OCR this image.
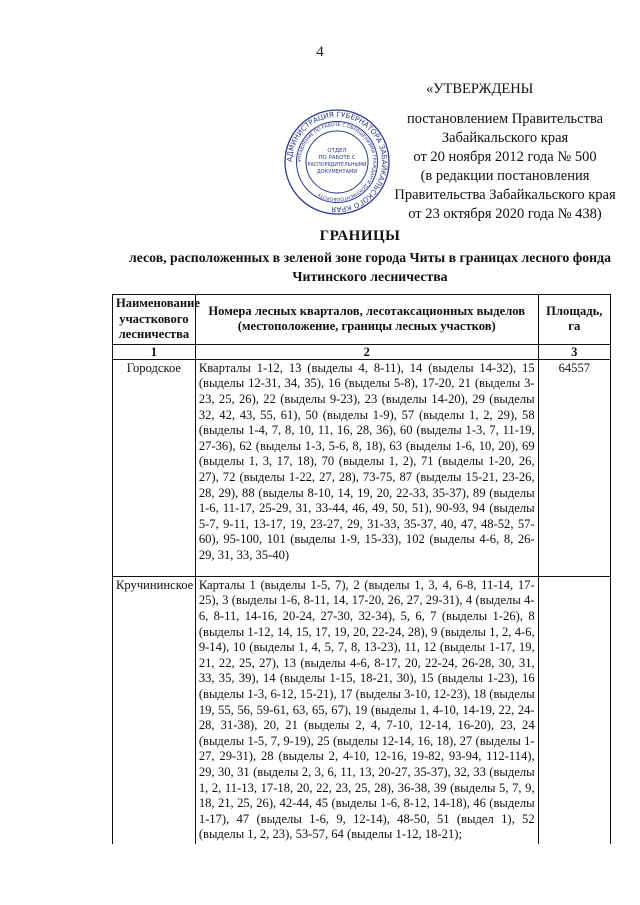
4
«УТВЕРЖДЕНЫ
постановлением Правительства
Забайкальского края
от 20 ноября 2012 года № 500
(в редакции постановления
Правительства Забайкальского края
от 23 октября 2020 года № 438)
АДМИНИСТРАЦИЯ ГУБЕРНАТОРА ЗАБАЙКАЛЬСКОГО КРАЯ
УПРАВЛЕНИЕ ПО РАБОТЕ С ОБРАЩЕНИЯМИ ГРАЖДАН И ДОКУМЕНТООБОРОТУ
ОТДЕЛ
ПО РАБОТЕ С
РАСПОРЯДИТЕЛЬНЫМИ
ДОКУМЕНТАМИ
ГРАНИЦЫ
лесов, расположенных в зеленой зоне города Читы в границах лесного фонда Читинского лесничества
Наименование участкового лесничества	Номера лесных кварталов, лесотаксационных выделов (местоположение, границы лесных участков)	Площадь, га
1	2	3
Городское	Кварталы 1-12, 13 (выделы 4, 8-11), 14 (выделы 14-32), 15 (выделы 12-31, 34, 35), 16 (выделы 5-8), 17-20, 21 (выделы 3-23, 25, 26), 22 (выделы 9-23), 23 (выделы 14-20), 29 (выделы 32, 42, 43, 55, 61), 50 (выделы 1-9), 57 (выделы 1, 2, 29), 58 (выделы 1-4, 7, 8, 10, 11, 16, 28, 36), 60 (выделы 1-3, 7, 11-19, 27-36), 62 (выделы 1-3, 5-6, 8, 18), 63 (выделы 1-6, 10, 20), 69 (выделы 1, 3, 17, 18), 70 (выделы 1, 2), 71 (выделы 1-20, 26, 27), 72 (выделы 1-22, 27, 28), 73-75, 87 (выделы 15-21, 23-26, 28, 29), 88 (выделы 8-10, 14, 19, 20, 22-33, 35-37), 89 (выделы 1-6, 11-17, 25-29, 31, 33-44, 46, 49, 50, 51), 90-93, 94 (выделы 5-7, 9-11, 13-17, 19, 23-27, 29, 31-33, 35-37, 40, 47, 48-52, 57-60), 95-100, 101 (выделы 1-9, 15-33), 102 (выделы 4-6, 8, 26-29, 31, 33, 35-40)	64557
Кручининское	Карталы 1 (выделы 1-5, 7), 2 (выделы 1, 3, 4, 6-8, 11-14, 17-25), 3 (выделы 1-6, 8-11, 14, 17-20, 26, 27, 29-31), 4 (выделы 4-6, 8-11, 14-16, 20-24, 27-30, 32-34), 5, 6, 7 (выделы 1-26), 8 (выделы 1-12, 14, 15, 17, 19, 20, 22-24, 28), 9 (выделы 1, 2, 4-6, 9-14), 10 (выделы 1, 4, 5, 7, 8, 13-23), 11, 12 (выделы 1-17, 19, 21, 22, 25, 27), 13 (выделы 4-6, 8-17, 20, 22-24, 26-28, 30, 31, 33, 35, 39), 14 (выделы 1-15, 18-21, 30), 15 (выделы 1-23), 16 (выделы 1-3, 6-12, 15-21), 17 (выделы 3-10, 12-23), 18 (выделы 19, 55, 56, 59-61, 63, 65, 67), 19 (выделы 1, 4-10, 14-19, 22, 24-28, 31-38), 20, 21 (выделы 2, 4, 7-10, 12-14, 16-20), 23, 24 (выделы 1-5, 7, 9-19), 25 (выделы 12-14, 16, 18), 27 (выделы 1-27, 29-31), 28 (выделы 2, 4-10, 12-16, 19-82, 93-94, 112-114), 29, 30, 31 (выделы 2, 3, 6, 11, 13, 20-27, 35-37), 32, 33 (выделы 1, 2, 11-13, 17-18, 20, 22, 23, 25, 28), 36-38, 39 (выделы 5, 7, 9, 18, 21, 25, 26), 42-44, 45 (выделы 1-6, 8-12, 14-18), 46 (выделы 1-17), 47 (выделы 1-6, 9, 12-14), 48-50, 51 (выдел 1), 52 (выделы 1, 2, 23), 53-57, 64 (выделы 1-12, 18-21);	
